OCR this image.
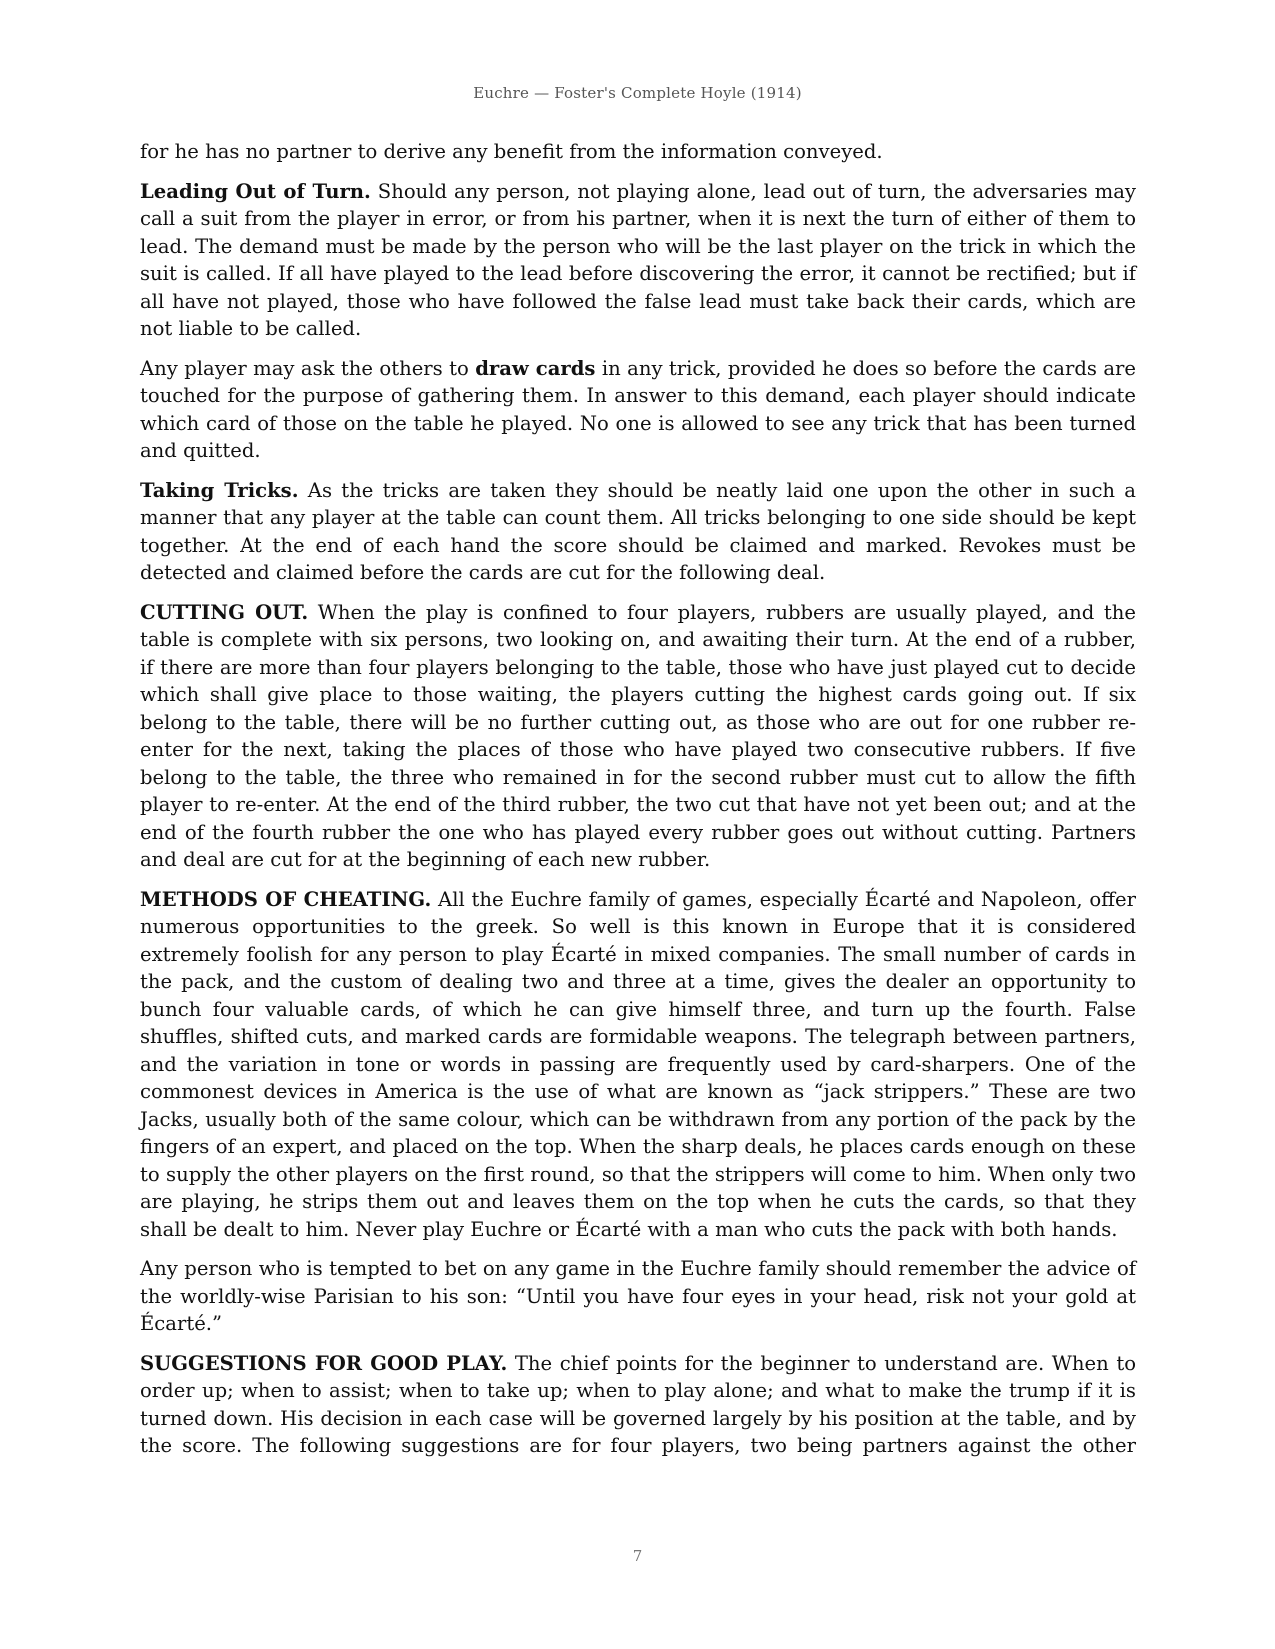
Euchre — Foster's Complete Hoyle (1914)

for he has no partner to derive any benefit from the information conveyed.

Leading Out of Turn. Should any person, not playing alone, lead out of turn, the adversaries may call a suit from the player in error, or from his partner, when it is next the turn of either of them to lead. The demand must be made by the person who will be the last player on the trick in which the suit is called. If all have played to the lead before discovering the error, it cannot be rectified; but if all have not played, those who have followed the false lead must take back their cards, which are not liable to be called.

Any player may ask the others to draw cards in any trick, provided he does so before the cards are touched for the purpose of gathering them. In answer to this demand, each player should indicate which card of those on the table he played. No one is allowed to see any trick that has been turned and quitted.

Taking Tricks. As the tricks are taken they should be neatly laid one upon the other in such a manner that any player at the table can count them. All tricks belonging to one side should be kept together. At the end of each hand the score should be claimed and marked. Revokes must be detected and claimed before the cards are cut for the following deal.

CUTTING OUT. When the play is confined to four players, rubbers are usually played, and the table is complete with six persons, two looking on, and awaiting their turn. At the end of a rubber, if there are more than four players belonging to the table, those who have just played cut to decide which shall give place to those waiting, the players cutting the highest cards going out. If six belong to the table, there will be no further cutting out, as those who are out for one rubber re-enter for the next, taking the places of those who have played two consecutive rubbers. If five belong to the table, the three who remained in for the second rubber must cut to allow the fifth player to re-enter. At the end of the third rubber, the two cut that have not yet been out; and at the end of the fourth rubber the one who has played every rubber goes out without cutting. Partners and deal are cut for at the beginning of each new rubber.

METHODS OF CHEATING. All the Euchre family of games, especially Écarté and Napoleon, offer numerous opportunities to the greek. So well is this known in Europe that it is considered extremely foolish for any person to play Écarté in mixed companies. The small number of cards in the pack, and the custom of dealing two and three at a time, gives the dealer an opportunity to bunch four valuable cards, of which he can give himself three, and turn up the fourth. False shuffles, shifted cuts, and marked cards are formidable weapons. The telegraph between partners, and the variation in tone or words in passing are frequently used by card-sharpers. One of the commonest devices in America is the use of what are known as “jack strippers.” These are two Jacks, usually both of the same colour, which can be withdrawn from any portion of the pack by the fingers of an expert, and placed on the top. When the sharp deals, he places cards enough on these to supply the other players on the first round, so that the strippers will come to him. When only two are playing, he strips them out and leaves them on the top when he cuts the cards, so that they shall be dealt to him. Never play Euchre or Écarté with a man who cuts the pack with both hands.

Any person who is tempted to bet on any game in the Euchre family should remember the advice of the worldly-wise Parisian to his son: “Until you have four eyes in your head, risk not your gold at Écarté.”

SUGGESTIONS FOR GOOD PLAY. The chief points for the beginner to understand are. When to order up; when to assist; when to take up; when to play alone; and what to make the trump if it is turned down. His decision in each case will be governed largely by his position at the table, and by the score. The following suggestions are for four players, two being partners against the other

7
